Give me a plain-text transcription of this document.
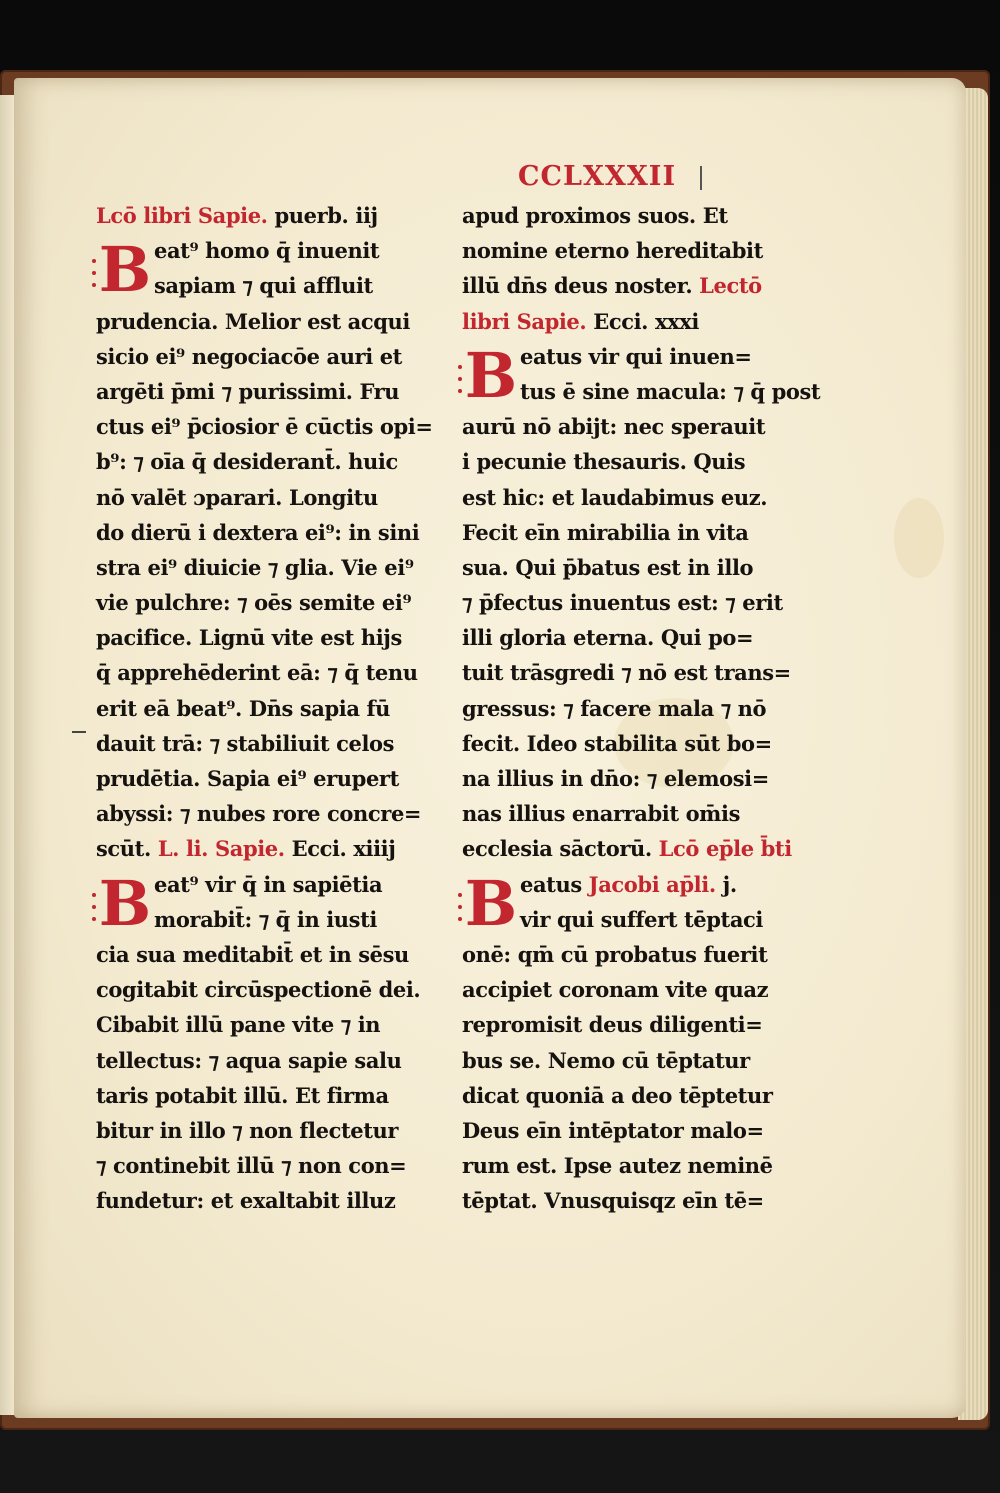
CCLXXXII
Lcō libri Sapie. puerb. iij
eat⁹ homo q̄ inuenit
sapiam ⁊ qui affluit
prudencia. Melior est acqui
sicio ei⁹ negociacōe auri et
argēti p̄mi ⁊ purissimi. Fru
ctus ei⁹ p̄ciosior ē cūctis opi=
b⁹: ⁊ oīa q̄ desiderant̄. huic
nō valēt ɔparari. Longitu
do dierū i dextera ei⁹: in sini
stra ei⁹ diuicie ⁊ glia. Vie ei⁹
vie pulchre: ⁊ oēs semite ei⁹
pacifice. Lignū vite est hijs
q̄ apprehēderint eā: ⁊ q̄ tenu
erit eā beat⁹. Dn̄s sapia fū
dauit trā: ⁊ stabiliuit celos
prudētia. Sapia ei⁹ erupert
abyssi: ⁊ nubes rore concre=
scūt. L. li. Sapie. Ecci. xiiij
eat⁹ vir q̄ in sapiētia
morabit̄: ⁊ q̄ in iusti
cia sua meditabit̄ et in sēsu
cogitabit circūspectionē dei.
Cibabit illū pane vite ⁊ in
tellectus: ⁊ aqua sapie salu
taris potabit illū. Et firma
bitur in illo ⁊ non flectetur
⁊ continebit illū ⁊ non con=
fundetur: et exaltabit illuz
B
B
apud proximos suos. Et
nomine eterno hereditabit
illū dn̄s deus noster. Lectō
libri Sapie. Ecci. xxxi
eatus vir qui inuen=
tus ē sine macula: ⁊ q̄ post
aurū nō abijt: nec sperauit
i pecunie thesauris. Quis
est hic: et laudabimus euz.
Fecit eīn mirabilia in vita
sua. Qui p̄batus est in illo
⁊ p̄fectus inuentus est: ⁊ erit
illi gloria eterna. Qui po=
tuit trāsgredi ⁊ nō est trans=
gressus: ⁊ facere mala ⁊ nō
fecit. Ideo stabilita sūt bo=
na illius in dn̄o: ⁊ elemosi=
nas illius enarrabit om̄is
ecclesia sāctorū. Lcō ep̄le b̄ti
eatus Jacobi ap̄li. j.
vir qui suffert tēptaci
onē: qm̄ cū probatus fuerit
accipiet coronam vite quaz
repromisit deus diligenti=
bus se. Nemo cū tēptatur
dicat quoniā a deo tēptetur
Deus eīn intēptator malo=
rum est. Ipse autez neminē
tēptat. Vnusquisqz eīn tē=
B
B
